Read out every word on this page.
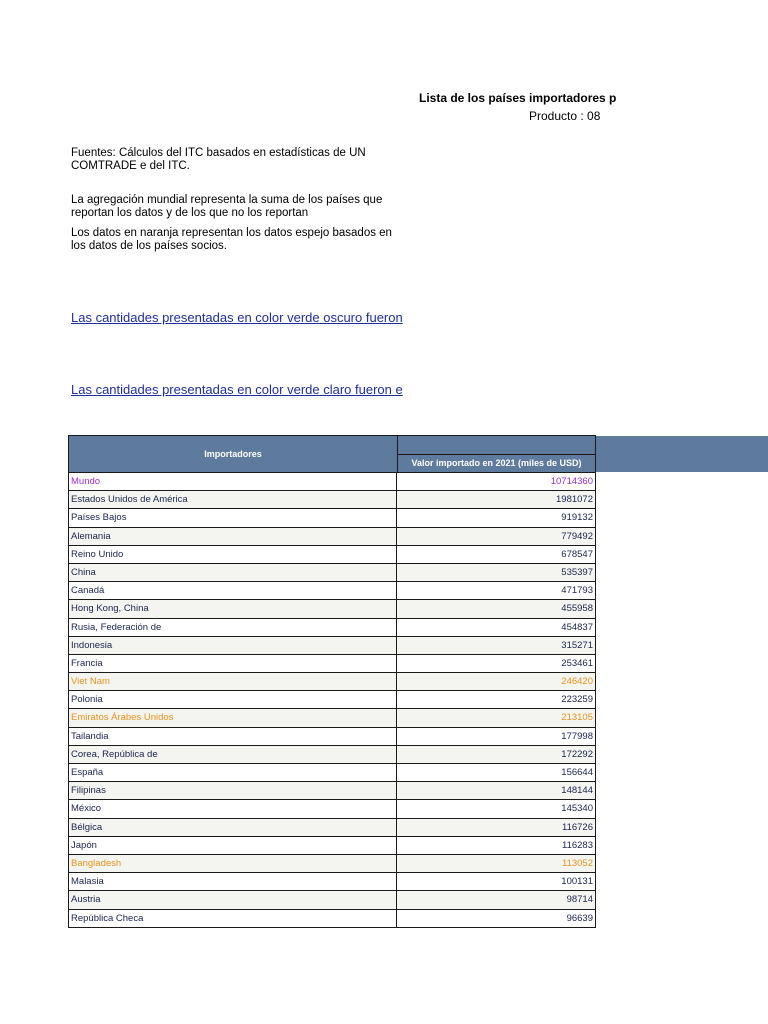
Lista de los países importadores p
Producto : 08
Fuentes: Cálculos del ITC basados en estadísticas de UN COMTRADE e del ITC.
La agregación mundial representa la suma de los países que reportan los datos y de los que no los reportan
Los datos en naranja representan los datos espejo basados en los datos de los países socios.
Las cantidades presentadas en color verde oscuro fueron
Las cantidades presentadas en color verde claro fueron e
Importadores
Valor importado en 2021 (miles de USD)
Mundo	10714360
Estados Unidos de América	1981072
Países Bajos	919132
Alemania	779492
Reino Unido	678547
China	535397
Canadá	471793
Hong Kong, China	455958
Rusia, Federación de	454837
Indonesia	315271
Francia	253461
Viet Nam	246420
Polonia	223259
Emiratos Árabes Unidos	213105
Tailandia	177998
Corea, República de	172292
España	156644
Filipinas	148144
México	145340
Bélgica	116726
Japón	116283
Bangladesh	113052
Malasia	100131
Austria	98714
República Checa	96639
